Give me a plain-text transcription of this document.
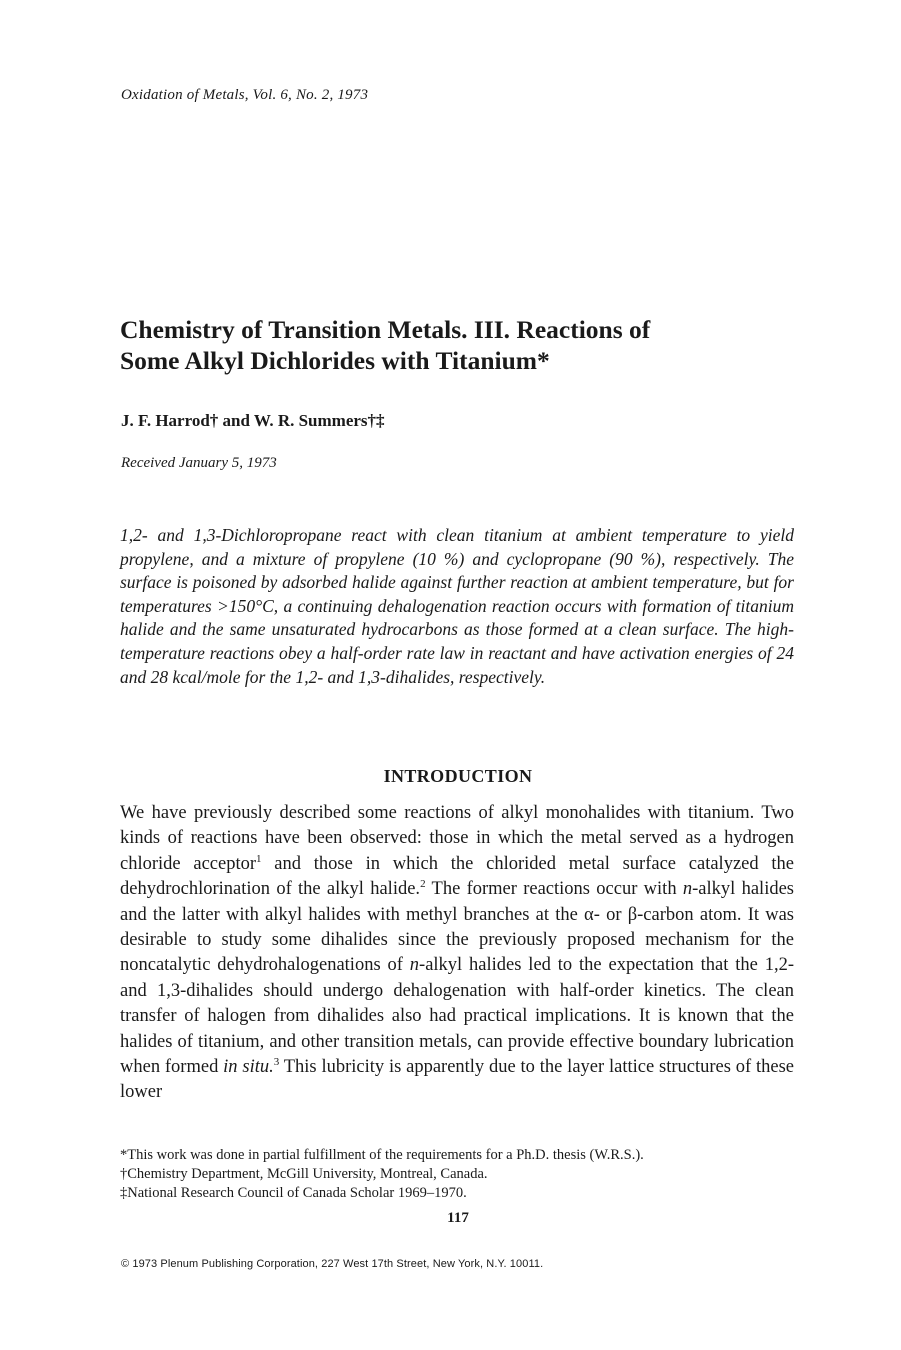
Oxidation of Metals, Vol. 6, No. 2, 1973
Chemistry of Transition Metals. III. Reactions of
Some Alkyl Dichlorides with Titanium*
J. F. Harrod† and W. R. Summers†‡
Received January 5, 1973

1,2- and 1,3-Dichloropropane react with clean titanium at ambient temperature to yield propylene, and a mixture of propylene (10 %) and cyclopropane (90 %), respectively. The surface is poisoned by adsorbed halide against further reaction at ambient temperature, but for temperatures >150°C, a continuing dehalogenation reaction occurs with formation of titanium halide and the same unsaturated hydrocarbons as those formed at a clean surface. The high-temperature reactions obey a half-order rate law in reactant and have activation energies of 24 and 28 kcal/mole for the 1,2- and 1,3-dihalides, respectively.

INTRODUCTION

We have previously described some reactions of alkyl monohalides with titanium. Two kinds of reactions have been observed: those in which the metal served as a hydrogen chloride acceptor$^1$ and those in which the chlorided metal surface catalyzed the dehydrochlorination of the alkyl halide.$^2$ The former reactions occur with n-alkyl halides and the latter with alkyl halides with methyl branches at the α- or β-carbon atom. It was desirable to study some dihalides since the previously proposed mechanism for the noncatalytic dehydrohalogenations of n-alkyl halides led to the expectation that the 1,2- and 1,3-dihalides should undergo dehalogenation with half-order kinetics. The clean transfer of halogen from dihalides also had practical implications. It is known that the halides of titanium, and other transition metals, can provide effective boundary lubrication when formed in situ.$^3$ This lubricity is apparently due to the layer lattice structures of these lower

*This work was done in partial fulfillment of the requirements for a Ph.D. thesis (W.R.S.).
†Chemistry Department, McGill University, Montreal, Canada.
‡National Research Council of Canada Scholar 1969–1970.
117
© 1973 Plenum Publishing Corporation, 227 West 17th Street, New York, N.Y. 10011.
